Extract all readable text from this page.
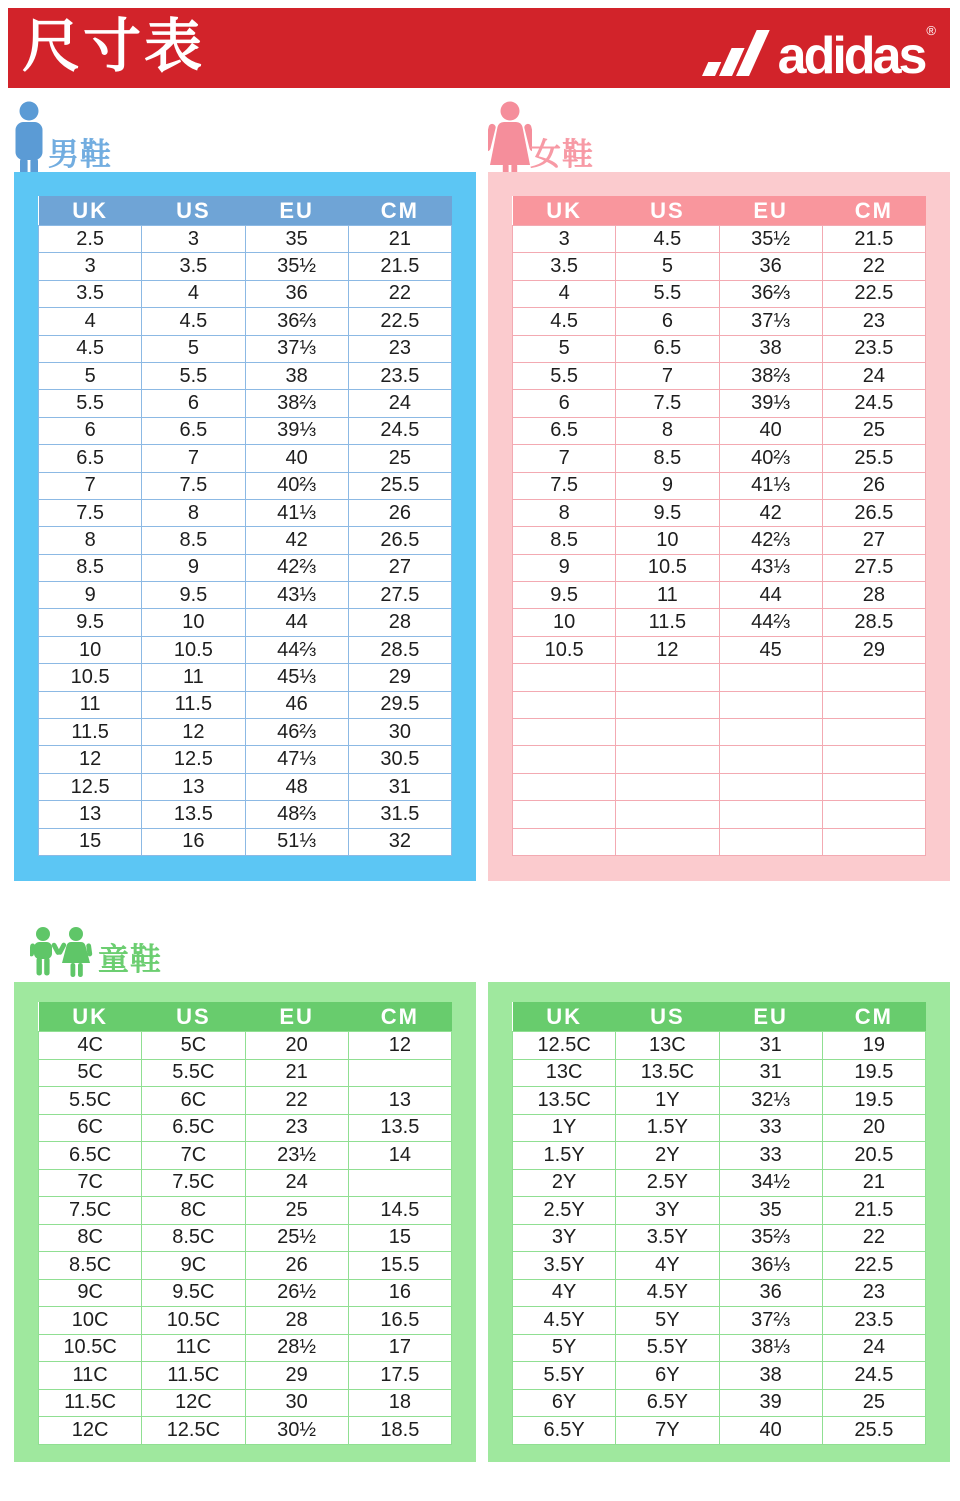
尺寸表	adidas ®
男鞋	女鞋
童鞋
UK	US	EU	CM
2.5	3	35	21
3	3.5	35½	21.5
3.5	4	36	22
4	4.5	36⅔	22.5
4.5	5	37⅓	23
5	5.5	38	23.5
5.5	6	38⅔	24
6	6.5	39⅓	24.5
6.5	7	40	25
7	7.5	40⅔	25.5
7.5	8	41⅓	26
8	8.5	42	26.5
8.5	9	42⅔	27
9	9.5	43⅓	27.5
9.5	10	44	28
10	10.5	44⅔	28.5
10.5	11	45⅓	29
11	11.5	46	29.5
11.5	12	46⅔	30
12	12.5	47⅓	30.5
12.5	13	48	31
13	13.5	48⅔	31.5
15	16	51⅓	32
UK	US	EU	CM
3	4.5	35½	21.5
3.5	5	36	22
4	5.5	36⅔	22.5
4.5	6	37⅓	23
5	6.5	38	23.5
5.5	7	38⅔	24
6	7.5	39⅓	24.5
6.5	8	40	25
7	8.5	40⅔	25.5
7.5	9	41⅓	26
8	9.5	42	26.5
8.5	10	42⅔	27
9	10.5	43⅓	27.5
9.5	11	44	28
10	11.5	44⅔	28.5
10.5	12	45	29

UK	US	EU	CM
4C	5C	20	12
5C	5.5C	21	
5.5C	6C	22	13
6C	6.5C	23	13.5
6.5C	7C	23½	14
7C	7.5C	24	
7.5C	8C	25	14.5
8C	8.5C	25½	15
8.5C	9C	26	15.5
9C	9.5C	26½	16
10C	10.5C	28	16.5
10.5C	11C	28½	17
11C	11.5C	29	17.5
11.5C	12C	30	18
12C	12.5C	30½	18.5
UK	US	EU	CM
12.5C	13C	31	19
13C	13.5C	31	19.5
13.5C	1Y	32⅓	19.5
1Y	1.5Y	33	20
1.5Y	2Y	33	20.5
2Y	2.5Y	34½	21
2.5Y	3Y	35	21.5
3Y	3.5Y	35⅔	22
3.5Y	4Y	36⅓	22.5
4Y	4.5Y	36	23
4.5Y	5Y	37⅔	23.5
5Y	5.5Y	38⅓	24
5.5Y	6Y	38	24.5
6Y	6.5Y	39	25
6.5Y	7Y	40	25.5
